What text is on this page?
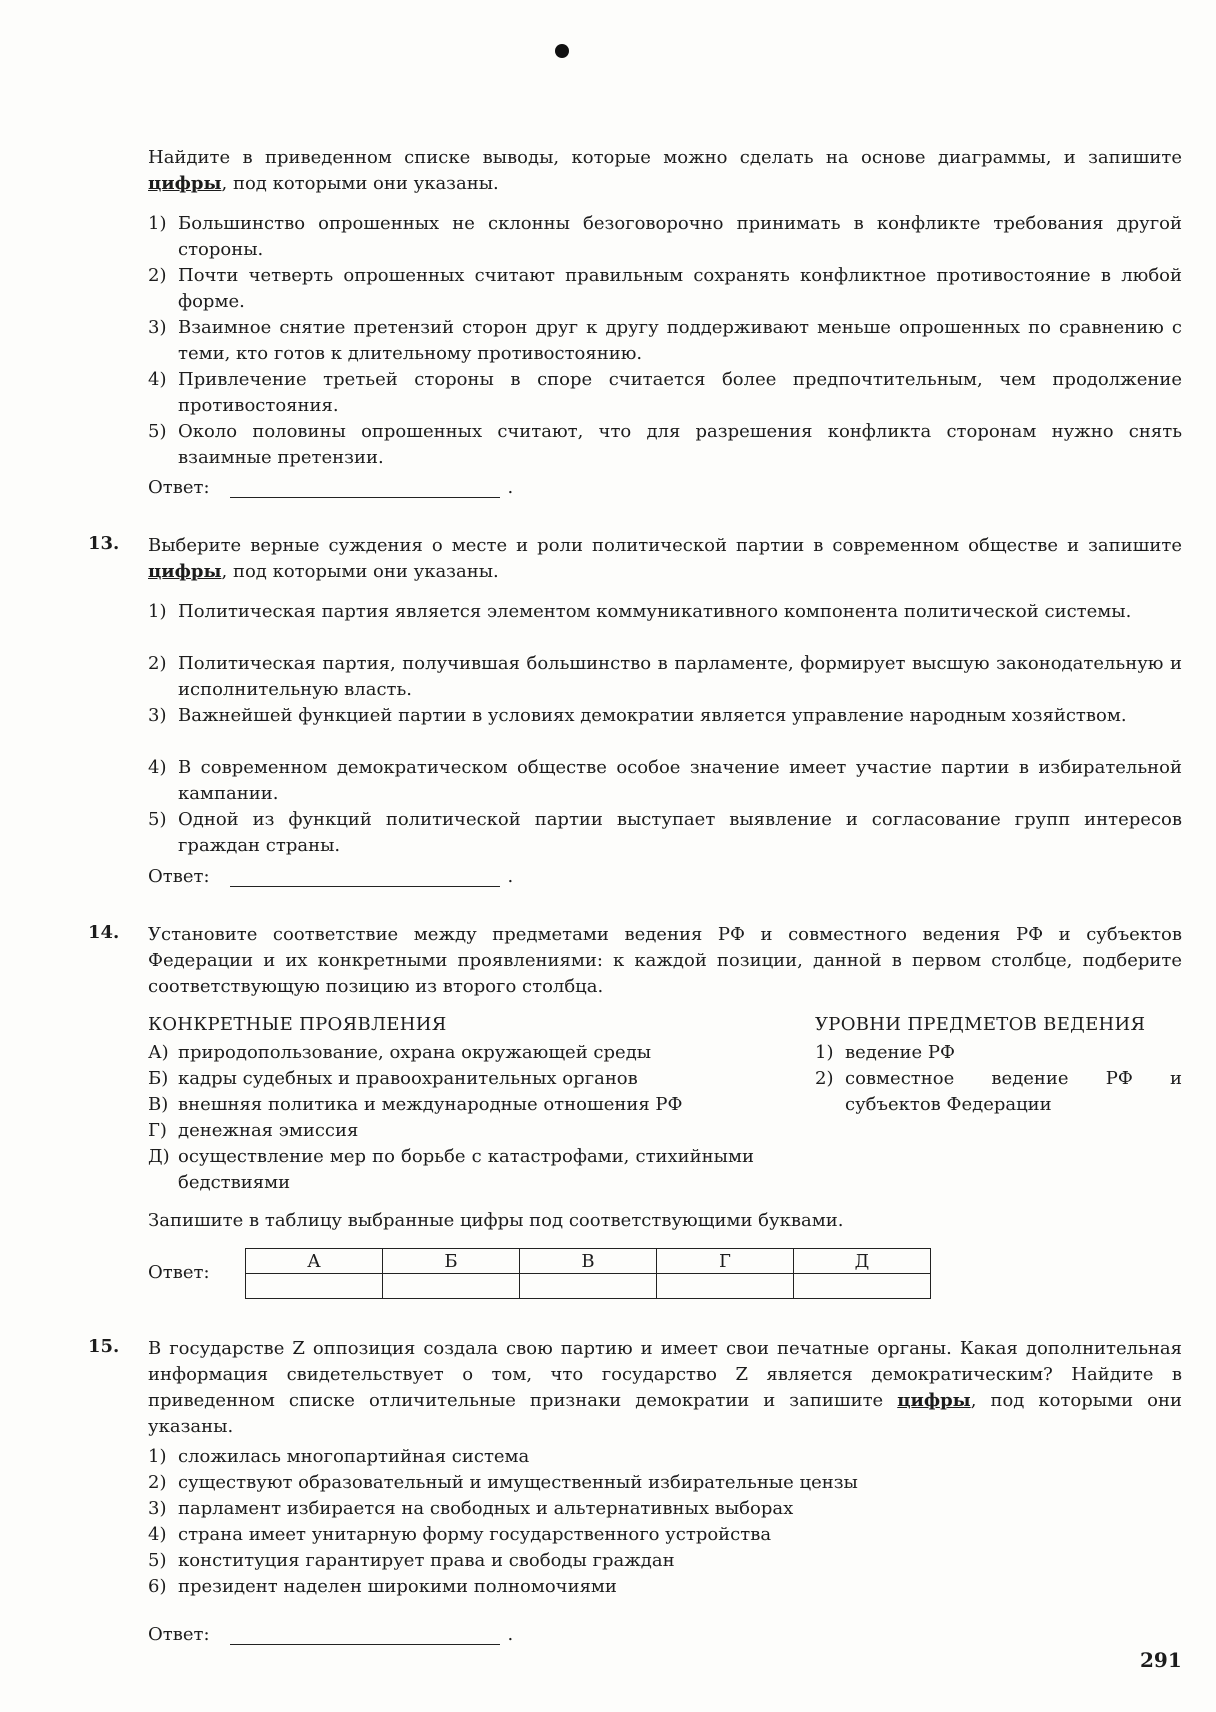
Найдите в приведенном списке выводы, которые можно сделать на основе диаграммы, и запишите цифры, под которыми они указаны.
1) Большинство опрошенных не склонны безоговорочно принимать в конфликте требования другой стороны.
2) Почти четверть опрошенных считают правильным сохранять конфликтное противостояние в любой форме.
3) Взаимное снятие претензий сторон друг к другу поддерживают меньше опрошенных по сравнению с теми, кто готов к длительному противостоянию.
4) Привлечение третьей стороны в споре считается более предпочтительным, чем продолжение противостояния.
5) Около половины опрошенных считают, что для разрешения конфликта сторонам нужно снять взаимные претензии.
Ответ:	.
13. Выберите верные суждения о месте и роли политической партии в современном обществе и запишите цифры, под которыми они указаны.
1) Политическая партия является элементом коммуникативного компонента политической системы.
2) Политическая партия, получившая большинство в парламенте, формирует высшую законодательную и исполнительную власть.
3) Важнейшей функцией партии в условиях демократии является управление народным хозяйством.
4) В современном демократическом обществе особое значение имеет участие партии в избирательной кампании.
5) Одной из функций политической партии выступает выявление и согласование групп интересов граждан страны.
Ответ:	.
14. Установите соответствие между предметами ведения РФ и совместного ведения РФ и субъектов Федерации и их конкретными проявлениями: к каждой позиции, данной в первом столбце, подберите соответствующую позицию из второго столбца.
КОНКРЕТНЫЕ ПРОЯВЛЕНИЯ	УРОВНИ ПРЕДМЕТОВ ВЕДЕНИЯ
А) природопользование, охрана окружающей среды
Б) кадры судебных и правоохранительных органов
В) внешняя политика и международные отношения РФ
Г) денежная эмиссия
Д) осуществление мер по борьбе с катастрофами, стихийными бедствиями
1) ведение РФ
2) совместное ведение РФ и субъектов Федерации
Запишите в таблицу выбранные цифры под соответствующими буквами.
Ответ:
А	Б	В	Г	Д

15. В государстве Z оппозиция создала свою партию и имеет свои печатные органы. Какая дополнительная информация свидетельствует о том, что государство Z является демократическим? Найдите в приведенном списке отличительные признаки демократии и запишите цифры, под которыми они указаны.
1) сложилась многопартийная система
2) существуют образовательный и имущественный избирательные цензы
3) парламент избирается на свободных и альтернативных выборах
4) страна имеет унитарную форму государственного устройства
5) конституция гарантирует права и свободы граждан
6) президент наделен широкими полномочиями
Ответ:	.
291
